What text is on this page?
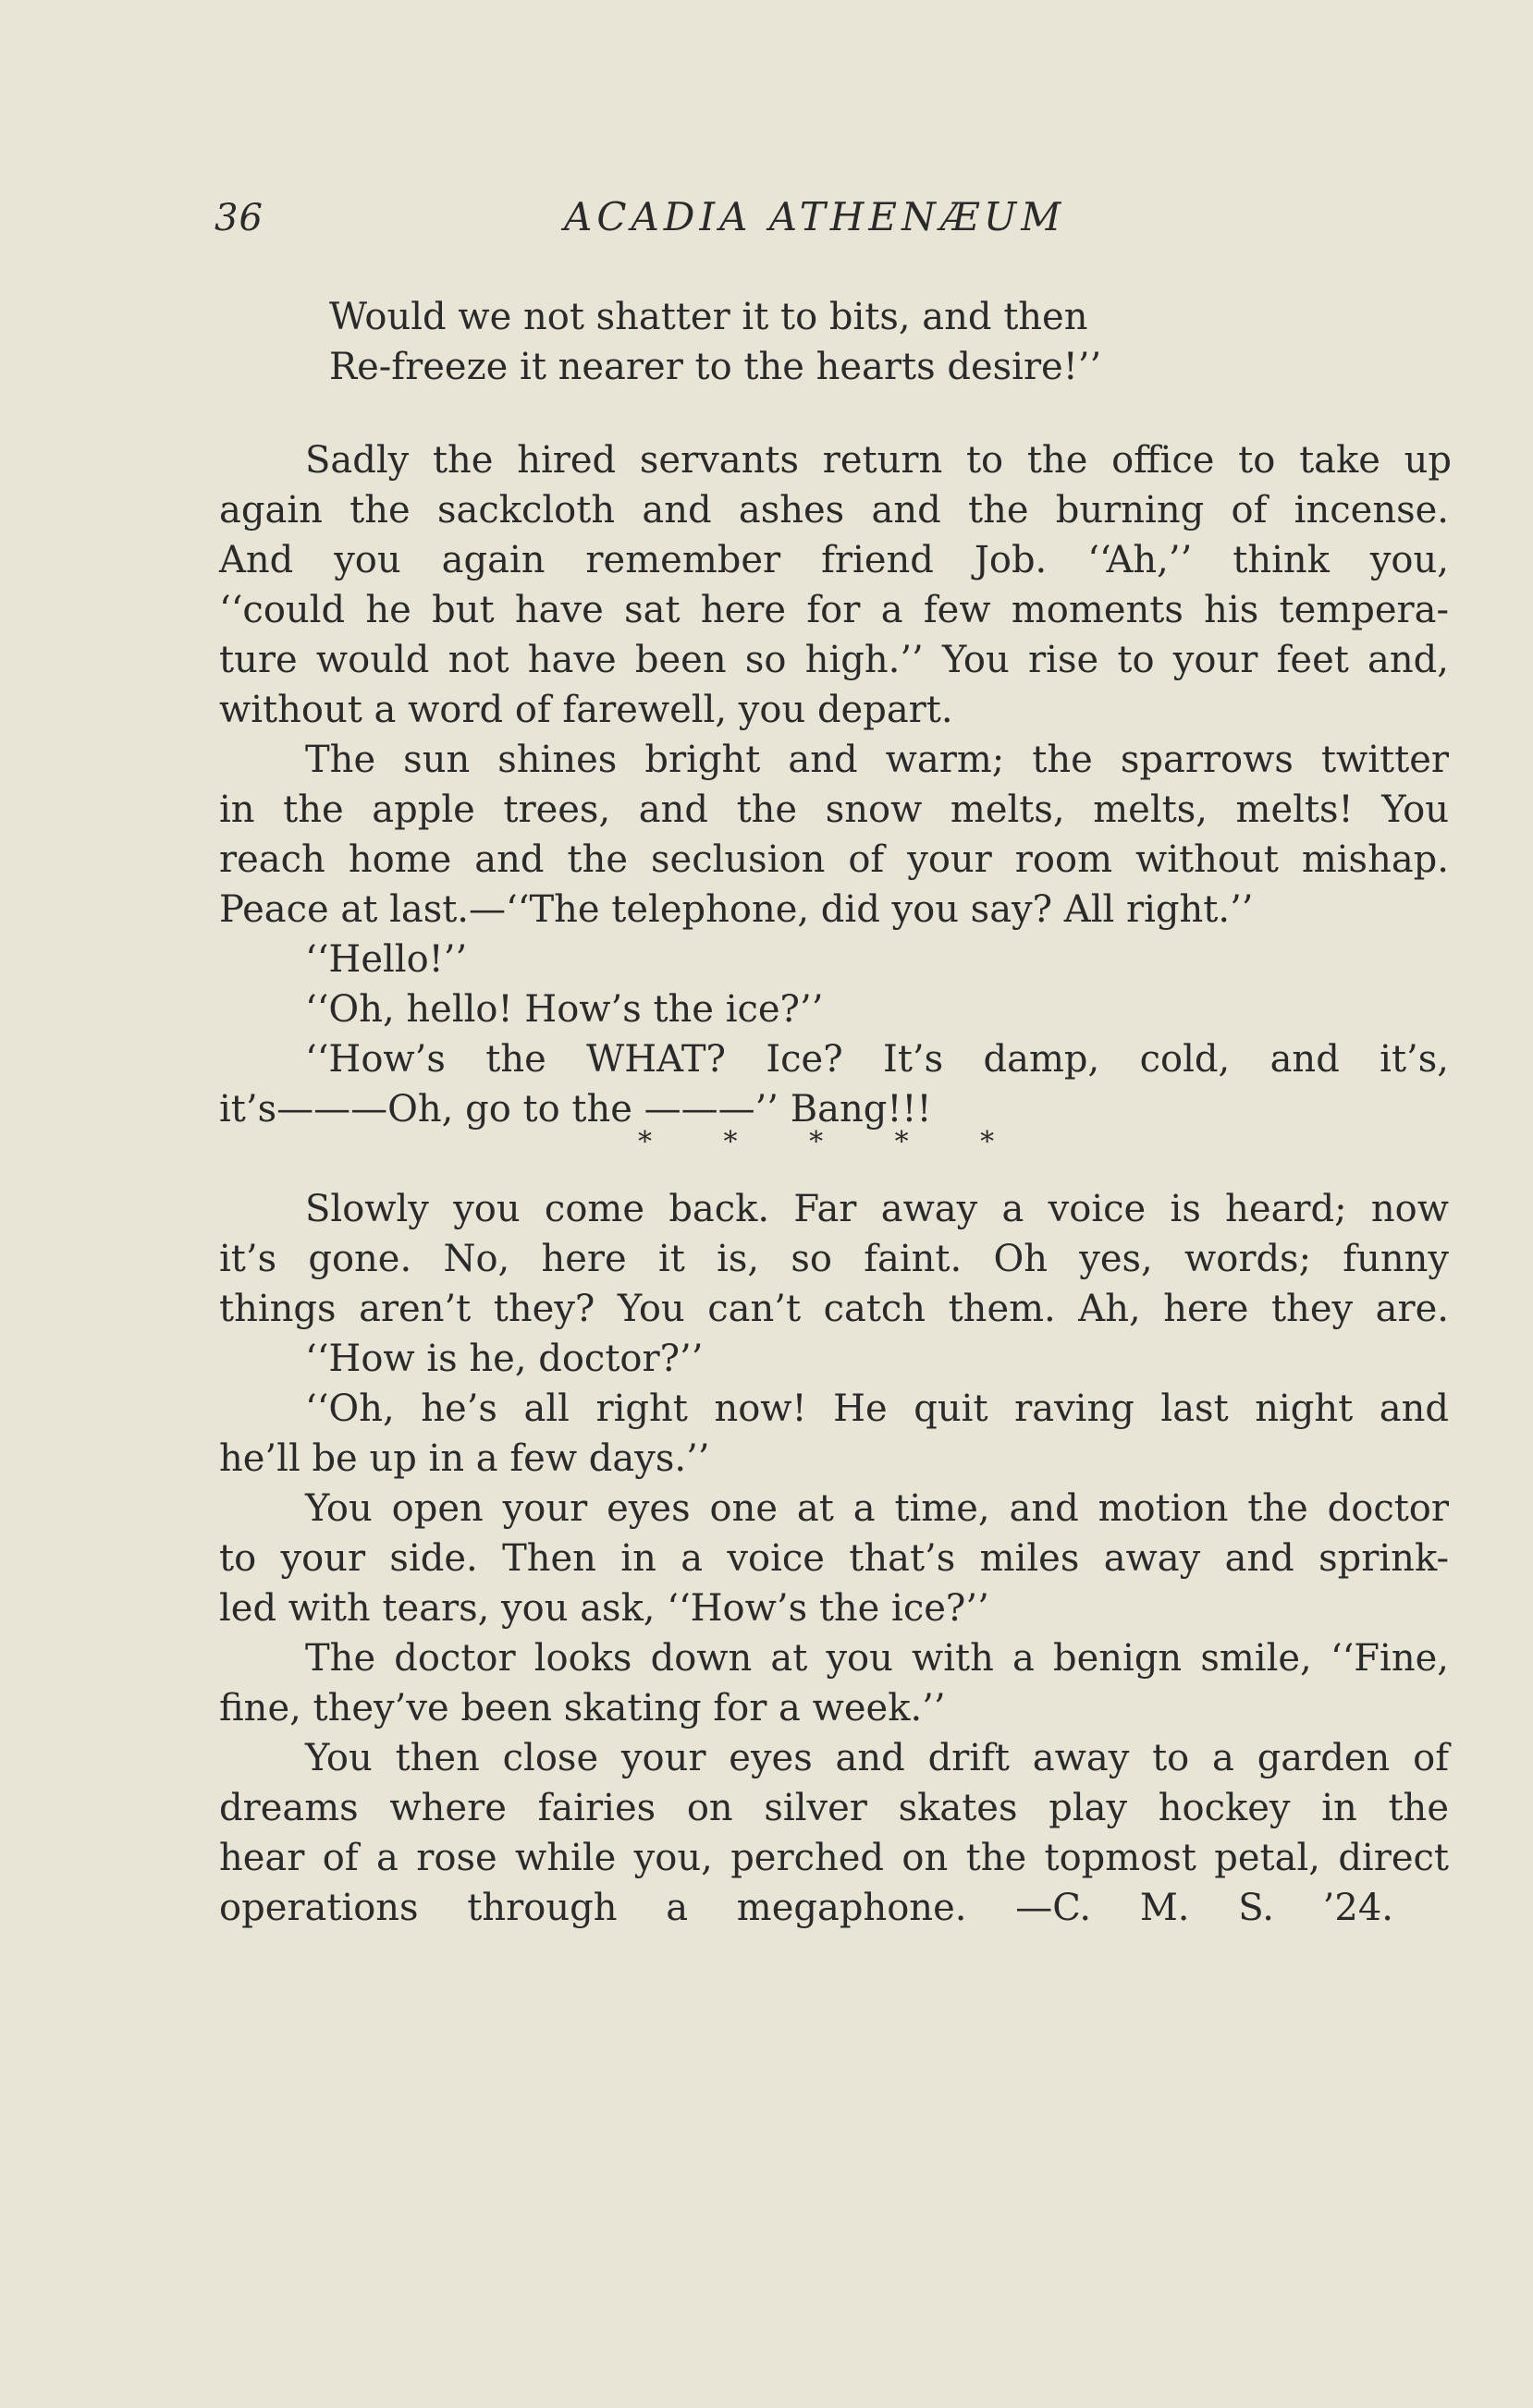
36	ACADIA ATHENÆUM
Would we not shatter it to bits, and then
Re-freeze it nearer to the hearts desire!’’
Sadly the hired servants return to the office to take up
again the sackcloth and ashes and the burning of incense.
And you again remember friend Job. ‘‘Ah,’’ think you,
‘‘could he but have sat here for a few moments his tempera-
ture would not have been so high.’’ You rise to your feet and,
without a word of farewell, you depart.
The sun shines bright and warm; the sparrows twitter
in the apple trees, and the snow melts, melts, melts! You
reach home and the seclusion of your room without mishap.
Peace at last.—‘‘The telephone, did you say? All right.’’
‘‘Hello!’’
‘‘Oh, hello! How’s the ice?’’
‘‘How’s the WHAT? Ice? It’s damp, cold, and it’s,
it’s———Oh, go to the ———’’ Bang!!!
* * * * *
Slowly you come back. Far away a voice is heard; now
it’s gone. No, here it is, so faint. Oh yes, words; funny
things aren’t they? You can’t catch them. Ah, here they are.
‘‘How is he, doctor?’’
‘‘Oh, he’s all right now! He quit raving last night and
he’ll be up in a few days.’’
You open your eyes one at a time, and motion the doctor
to your side. Then in a voice that’s miles away and sprink-
led with tears, you ask, ‘‘How’s the ice?’’
The doctor looks down at you with a benign smile, ‘‘Fine,
fine, they’ve been skating for a week.’’
You then close your eyes and drift away to a garden of
dreams where fairies on silver skates play hockey in the
hear of a rose while you, perched on the topmost petal, direct
operations through a megaphone. —C. M. S. ’24.
